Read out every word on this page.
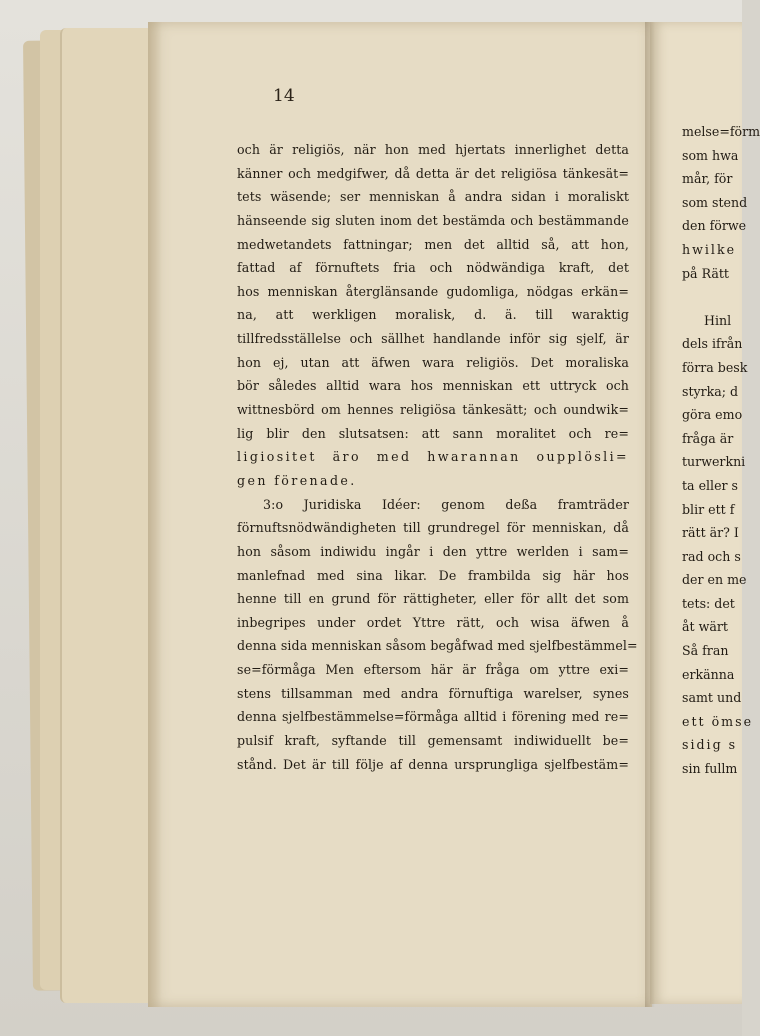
14
och är religiös, när hon med hjertats innerlighet detta
känner och medgifwer, då detta är det religiösa tänkesät=
tets wäsende; ser menniskan å andra sidan i moraliskt
hänseende sig sluten inom det bestämda och bestämmande
medwetandets fattningar; men det alltid så, att hon,
fattad af förnuftets fria och nödwändiga kraft, det
hos menniskan återglänsande gudomliga, nödgas erkän=
na, att werkligen moralisk, d. ä. till waraktig
tillfredsställelse och sällhet handlande inför sig sjelf, är
hon ej, utan att äfwen wara religiös. Det moraliska
bör således alltid wara hos menniskan ett uttryck och
wittnesbörd om hennes religiösa tänkesätt; och oundwik=
lig blir den slutsatsen: att sann moralitet och re=
ligiositet äro med hwarannan oupplösli=
gen förenade.
3:o Juridiska Idéer: genom deßa framträder
förnuftsnödwändigheten till grundregel för menniskan, då
hon såsom indiwidu ingår i den yttre werlden i sam=
manlefnad med sina likar. De frambilda sig här hos
henne till en grund för rättigheter, eller för allt det som
inbegripes under ordet Yttre rätt, och wisa äfwen å
denna sida menniskan såsom begåfwad med sjelfbestämmel=
se=förmåga Men eftersom här är fråga om yttre exi=
stens tillsamman med andra förnuftiga warelser, synes
denna sjelfbestämmelse=förmåga alltid i förening med re=
pulsif kraft, syftande till gemensamt indiwiduellt be=
stånd. Det är till följe af denna ursprungliga sjelfbestäm=
melse=förm
som hwa
mår, för
som stend
den förwe
hwilke
på Rätt
Hinl
dels ifrån
förra besk
styrka; d
göra emo
fråga är
turwerkni
ta eller s
blir ett f
rätt är? I
rad och s
der en me
tets: det
åt wärt
Så fran
erkänna
samt und
ett ömse
sidig s
sin fullm
